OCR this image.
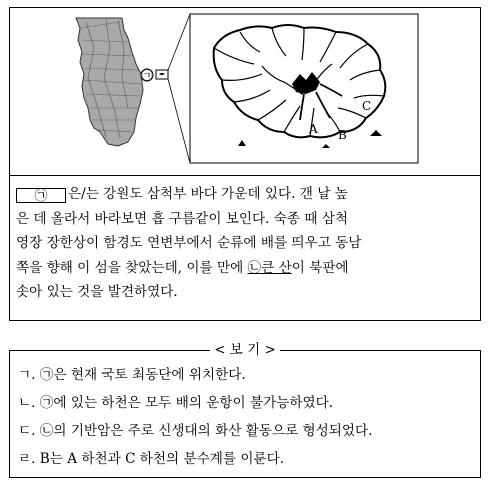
㉠
A B
C

㉠ 은/는 강원도 삼척부 바다 가운데 있다. 갠 날 높

은 데 올라서 바라보면 흡 구름같이 보인다. 숙종 때 삼척

영장 장한상이 함경도 연변부에서 순류에 배를 띄우고 동남

쪽을 향해 이 섬을 찾았는데, 이를 만에 ㉡큰 산이 북판에

솟아 있는 것을 발견하였다.

< 보 기 >
ㄱ. ㉠은 현재 국토 최동단에 위치한다.
ㄴ. ㉠에 있는 하천은 모두 배의 운항이 불가능하였다.
ㄷ. ㉡의 기반암은 주로 신생대의 화산 활동으로 형성되었다.
ㄹ. B는 A 하천과 C 하천의 분수계를 이룬다.
